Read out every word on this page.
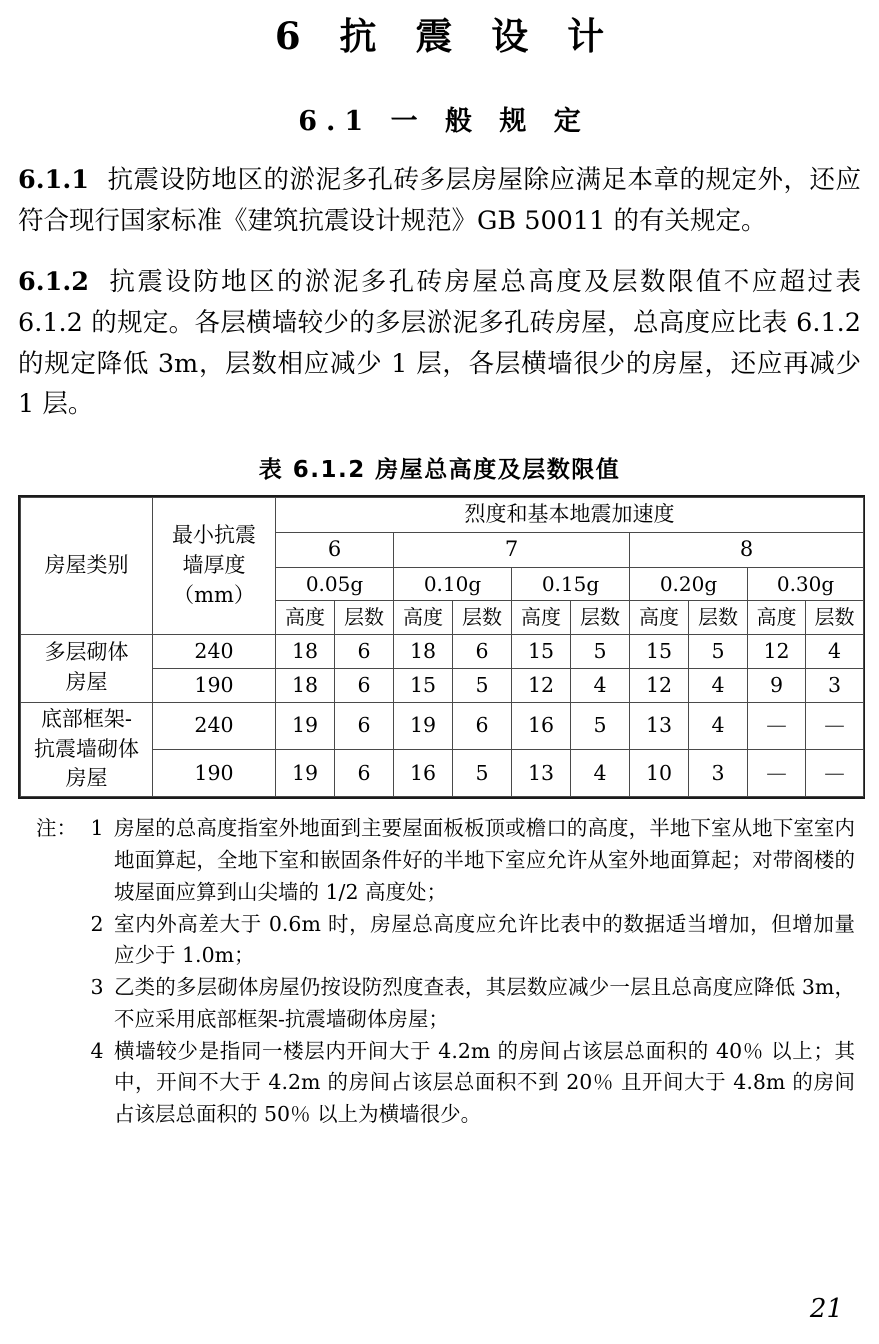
6 抗 震 设 计
6.1 一 般 规 定

6.1.1 抗震设防地区的淤泥多孔砖多层房屋除应满足本章的规定外，还应符合现行国家标准《建筑抗震设计规范》GB 50011 的有关规定。

6.1.2 抗震设防地区的淤泥多孔砖房屋总高度及层数限值不应超过表 6.1.2 的规定。各层横墙较少的多层淤泥多孔砖房屋，总高度应比表 6.1.2 的规定降低 3m，层数相应减少 1 层，各层横墙很少的房屋，还应再减少 1 层。

表 6.1.2 房屋总高度及层数限值
房屋类别	最小抗震
墙厚度
（mm）	烈度和基本地震加速度									
		6		7				8			
		0.05g		0.10g		0.15g		0.20g		0.30g	
		高度	层数	高度	层数	高度	层数	高度	层数	高度	层数

多层砌体
房屋	240	18	6	18	6	15	5	15	5	12	4
	190	18	6	15	5	12	4	12	4	9	3

底部框架-
抗震墙砌体
房屋	240	19	6	19	6	16	5	13	4	—	—
	190	19	6	16	5	13	4	10	3	—	—
注： 1 房屋的总高度指室外地面到主要屋面板板顶或檐口的高度，半地下室从地下室室内地面算起，全地下室和嵌固条件好的半地下室应允许从室外地面算起；对带阁楼的坡屋面应算到山尖墙的 1/2 高度处；
2 室内外高差大于 0.6m 时，房屋总高度应允许比表中的数据适当增加，但增加量应少于 1.0m；
3 乙类的多层砌体房屋仍按设防烈度查表，其层数应减少一层且总高度应降低 3m，不应采用底部框架-抗震墙砌体房屋；
4 横墙较少是指同一楼层内开间大于 4.2m 的房间占该层总面积的 40％ 以上；其中，开间不大于 4.2m 的房间占该层总面积不到 20％ 且开间大于 4.8m 的房间占该层总面积的 50％ 以上为横墙很少。
21
